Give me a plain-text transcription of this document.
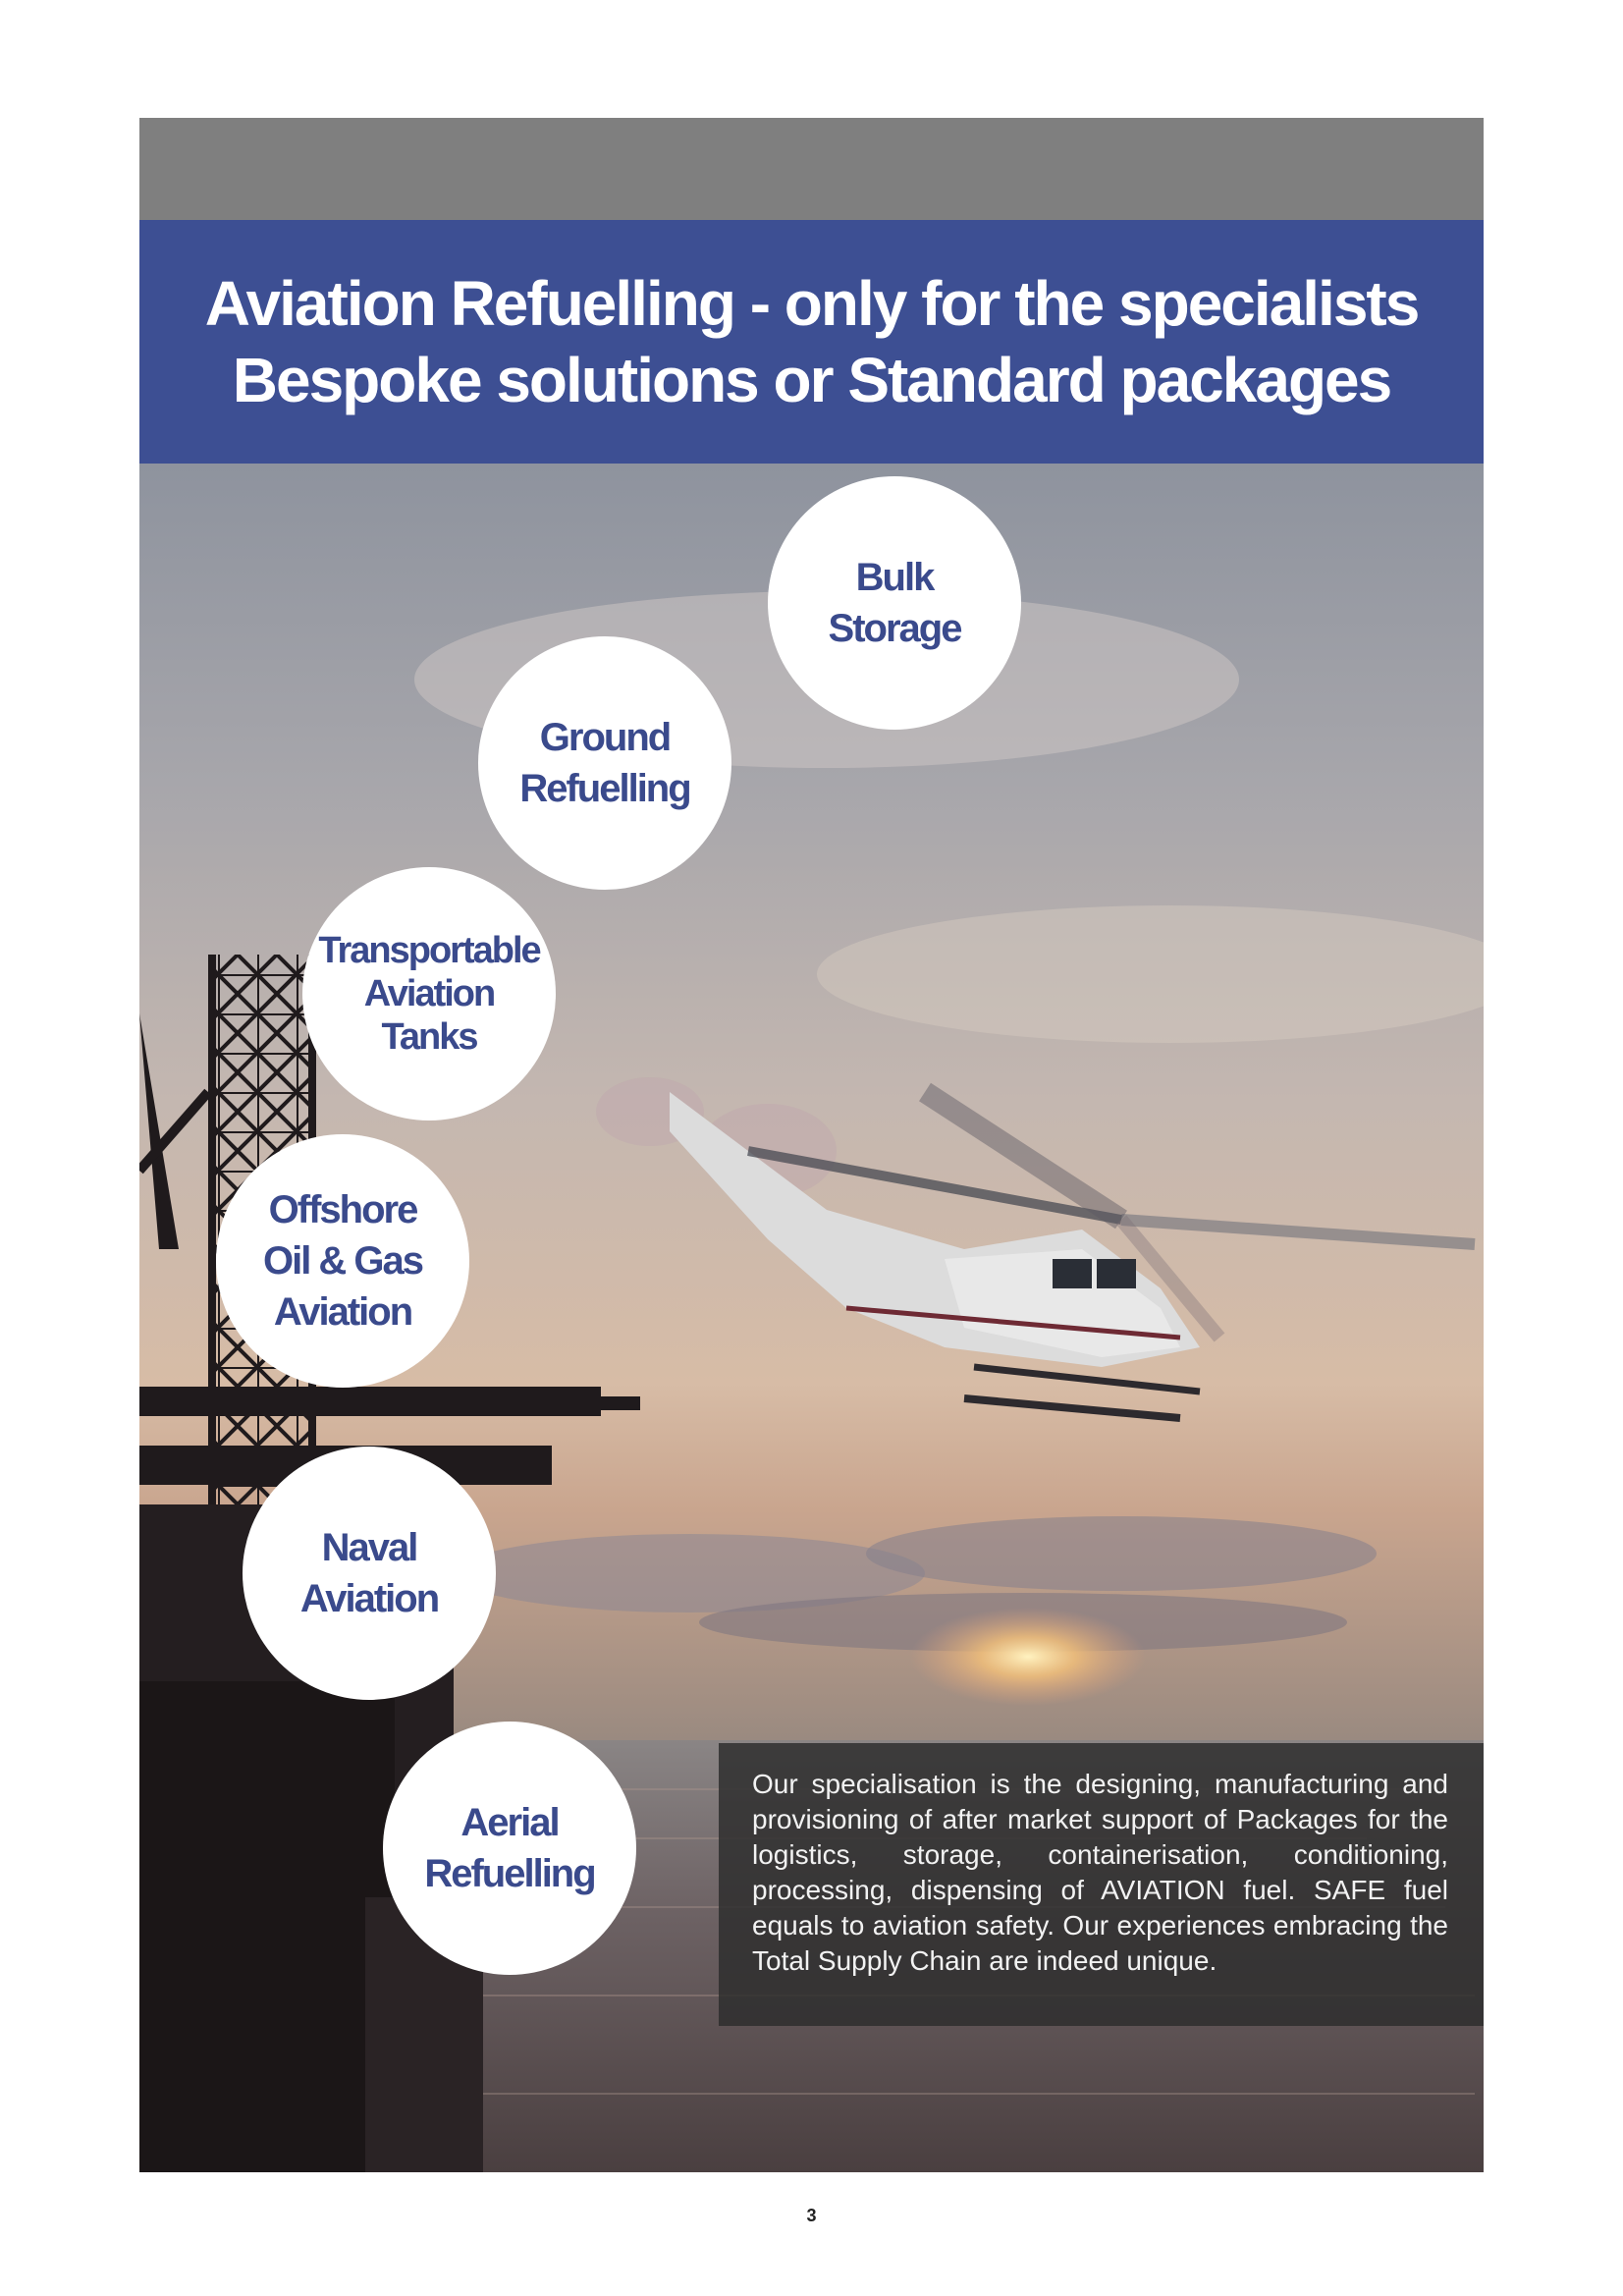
Aviation Refuelling - only for the specialists
Bespoke solutions or Standard packages
Bulk
Storage
Ground
Refuelling
Transportable
Aviation
Tanks
Offshore
Oil & Gas
Aviation
Naval
Aviation
Aerial
Refuelling

Our specialisation is the designing, manufacturing and provisioning of after market support of Packages for the logistics, storage, containerisation, conditioning, processing, dispensing of AVIATION fuel. SAFE fuel equals to aviation safety. Our experiences embracing the Total Supply Chain are indeed unique.

3
